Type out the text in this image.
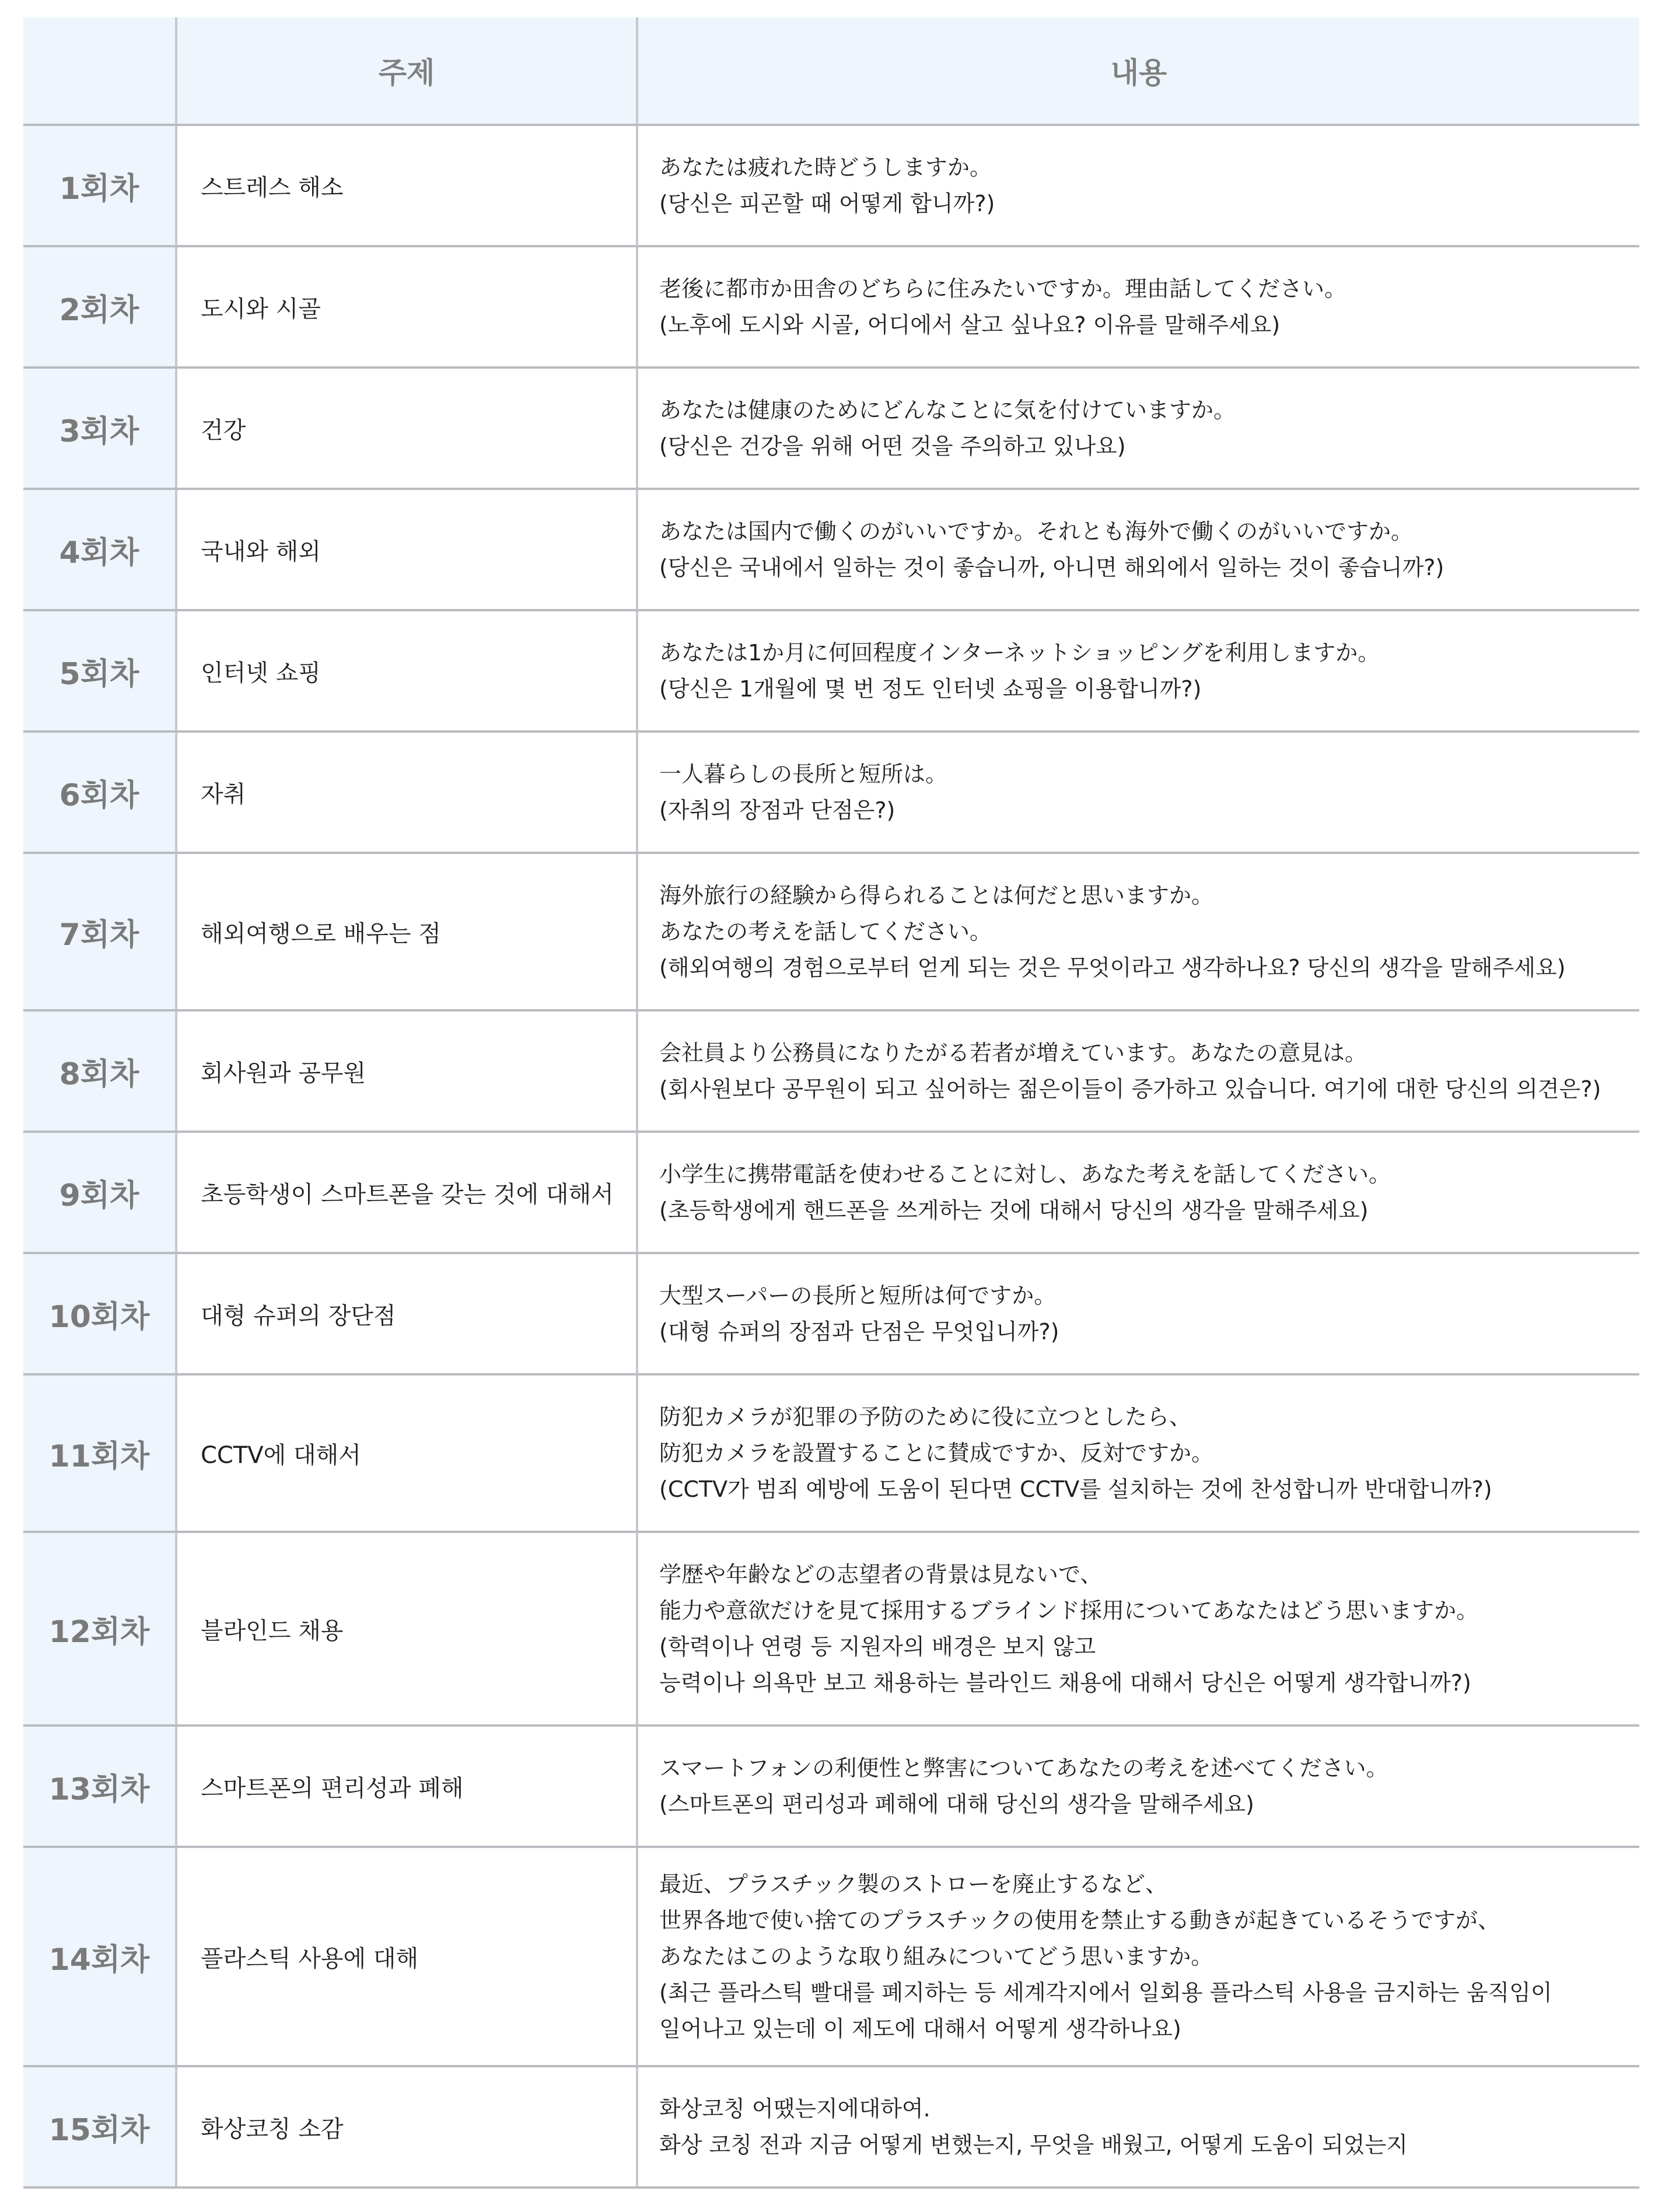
	주제	내용
1회차	스트레스 해소	あなたは疲れた時どうしますか。
(당신은 피곤할 때 어떻게 합니까?)

2회차	도시와 시골	老後に都市か田舎のどちらに住みたいですか。理由話してください。
(노후에 도시와 시골, 어디에서 살고 싶나요? 이유를 말해주세요)

3회차	건강	あなたは健康のためにどんなことに気を付けていますか。
(당신은 건강을 위해 어떤 것을 주의하고 있나요)

4회차	국내와 해외	あなたは国内で働くのがいいですか。それとも海外で働くのがいいですか。
(당신은 국내에서 일하는 것이 좋습니까, 아니면 해외에서 일하는 것이 좋습니까?)

5회차	인터넷 쇼핑	あなたは1か月に何回程度インターネットショッピングを利用しますか。
(당신은 1개월에 몇 번 정도 인터넷 쇼핑을 이용합니까?)

6회차	자취	一人暮らしの長所と短所は。
(자취의 장점과 단점은?)

7회차	해외여행으로 배우는 점	海外旅行の経験から得られることは何だと思いますか。
あなたの考えを話してください。
(해외여행의 경험으로부터 얻게 되는 것은 무엇이라고 생각하나요? 당신의 생각을 말해주세요)

8회차	회사원과 공무원	会社員より公務員になりたがる若者が増えています。あなたの意見は。
(회사원보다 공무원이 되고 싶어하는 젊은이들이 증가하고 있습니다. 여기에 대한 당신의 의견은?)

9회차	초등학생이 스마트폰을 갖는 것에 대해서	小学生に携帯電話を使わせることに対し、あなた考えを話してください。
(초등학생에게 핸드폰을 쓰게하는 것에 대해서 당신의 생각을 말해주세요)

10회차	대형 슈퍼의 장단점	大型スーパーの長所と短所は何ですか。
(대형 슈퍼의 장점과 단점은 무엇입니까?)

11회차	CCTV에 대해서	防犯カメラが犯罪の予防のために役に立つとしたら、
防犯カメラを設置することに賛成ですか、反対ですか。
(CCTV가 범죄 예방에 도움이 된다면 CCTV를 설치하는 것에 찬성합니까 반대합니까?)

12회차	블라인드 채용	学歴や年齢などの志望者の背景は見ないで、
能力や意欲だけを見て採用するブラインド採用についてあなたはどう思いますか。
(학력이나 연령 등 지원자의 배경은 보지 않고
능력이나 의욕만 보고 채용하는 블라인드 채용에 대해서 당신은 어떻게 생각합니까?)

13회차	스마트폰의 편리성과 폐해	スマートフォンの利便性と弊害についてあなたの考えを述べてください。
(스마트폰의 편리성과 폐해에 대해 당신의 생각을 말해주세요)

14회차	플라스틱 사용에 대해	最近、プラスチック製のストローを廃止するなど、
世界各地で使い捨てのプラスチックの使用を禁止する動きが起きているそうですが、
あなたはこのような取り組みについてどう思いますか。
(최근 플라스틱 빨대를 폐지하는 등 세계각지에서 일회용 플라스틱 사용을 금지하는 움직임이
일어나고 있는데 이 제도에 대해서 어떻게 생각하나요)

15회차	화상코칭 소감	화상코칭 어땠는지에대하여.
화상 코칭 전과 지금 어떻게 변했는지, 무엇을 배웠고, 어떻게 도움이 되었는지
